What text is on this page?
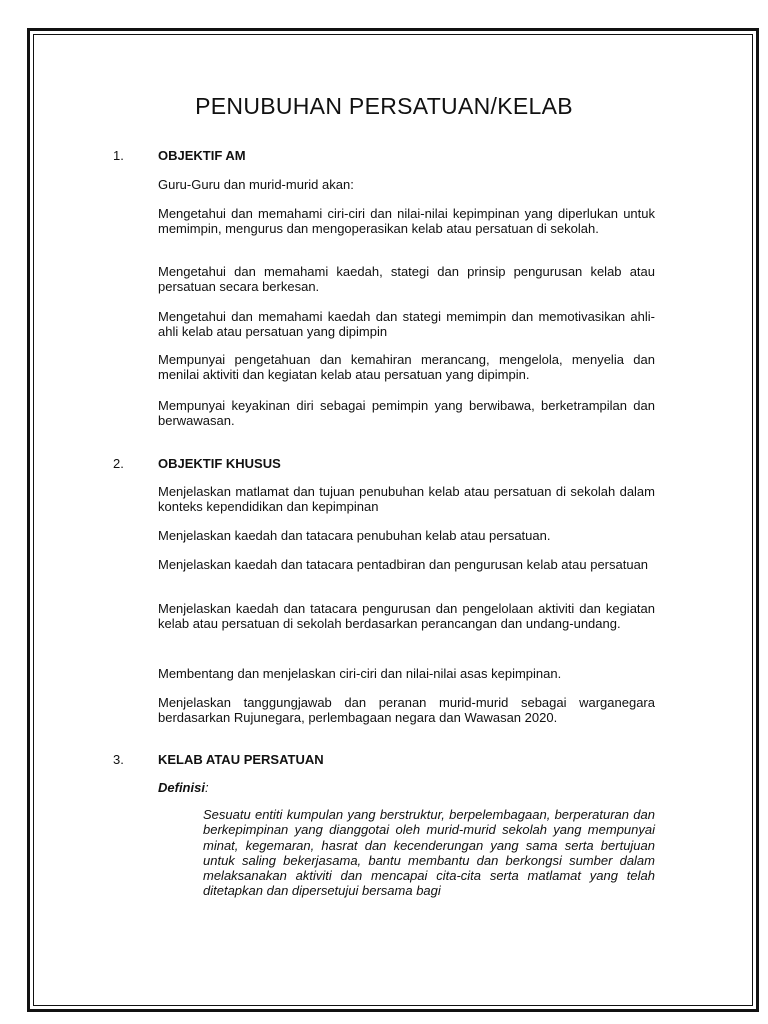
PENUBUHAN PERSATUAN/KELAB
1.	OBJEKTIF AM
Guru-Guru dan murid-murid akan:
Mengetahui dan memahami ciri-ciri dan nilai-nilai kepimpinan yang diperlukan untuk memimpin, mengurus dan mengoperasikan kelab atau persatuan di sekolah.
Mengetahui dan memahami kaedah, stategi dan prinsip pengurusan kelab atau persatuan secara berkesan.
Mengetahui dan memahami kaedah dan stategi memimpin dan memotivasikan ahli-ahli kelab atau persatuan yang dipimpin
Mempunyai pengetahuan dan kemahiran merancang, mengelola, menyelia dan menilai aktiviti dan kegiatan kelab atau persatuan yang dipimpin.
Mempunyai keyakinan diri sebagai pemimpin yang berwibawa, berketrampilan dan berwawasan.
2.	OBJEKTIF KHUSUS
Menjelaskan matlamat dan tujuan penubuhan kelab atau persatuan di sekolah dalam konteks kependidikan dan kepimpinan
Menjelaskan kaedah dan tatacara penubuhan kelab atau persatuan.
Menjelaskan kaedah dan tatacara pentadbiran dan pengurusan kelab atau persatuan
Menjelaskan kaedah dan tatacara pengurusan dan pengelolaan aktiviti dan kegiatan kelab atau persatuan di sekolah berdasarkan perancangan dan undang-undang.
Membentang dan menjelaskan ciri-ciri dan nilai-nilai asas kepimpinan.
Menjelaskan tanggungjawab dan peranan murid-murid sebagai warganegara berdasarkan Rujunegara, perlembagaan negara dan Wawasan 2020.
3.	KELAB ATAU PERSATUAN
Definisi:
Sesuatu entiti kumpulan yang berstruktur, berpelembagaan, berperaturan dan berkepimpinan yang dianggotai oleh murid-murid sekolah yang mempunyai minat, kegemaran, hasrat dan kecenderungan yang sama serta bertujuan untuk saling bekerjasama, bantu membantu dan berkongsi sumber dalam melaksanakan aktiviti dan mencapai cita-cita serta matlamat yang telah ditetapkan dan dipersetujui bersama bagi
